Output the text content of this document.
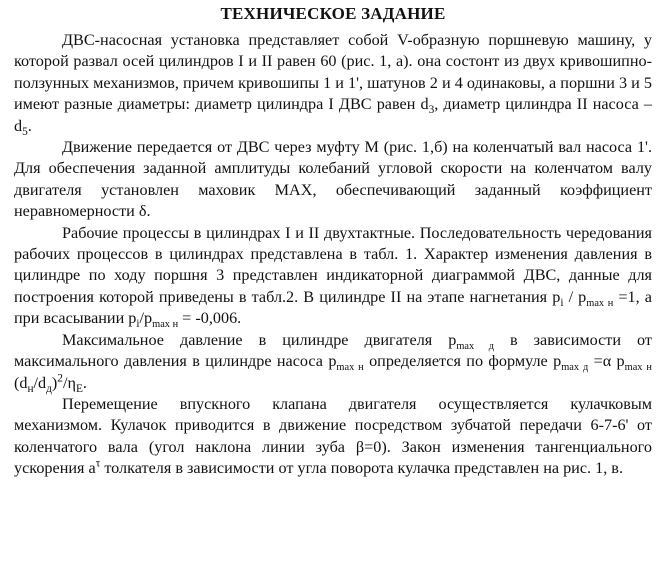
ТЕХНИЧЕСКОЕ ЗАДАНИЕ

ДВС-насосная установка представляет собой V-образную поршневую машину, у которой развал осей цилиндров I и II равен 60 (рис. 1, а). она состонт из двух кривошипно-ползунных механизмов, причем кривошипы 1 и 1', шатунов 2 и 4 одинаковы, а поршни 3 и 5 имеют разные диаметры: диаметр цилиндра I ДВС равен $d_3$, диаметр цилиндра II насоса – $d_5$.

Движение передается от ДВС через муфту М (рис. 1,б) на коленчатый вал насоса 1'. Для обеспечения заданной амплитуды колебаний угловой скорости на коленчатом валу двигателя установлен маховик МАХ, обеспечивающий заданный коэффициент неравномерности δ.

Рабочие процессы в цилиндрах I и II двухтактные. Последовательность чередования рабочих процессов в цилиндрах представлена в табл. 1. Характер изменения давления в цилиндре по ходу поршня 3 представлен индикаторной диаграммой ДВС, данные для построения которой приведены в табл.2. В цилиндре II на этапе нагнетания $p_i / p_{max н} =1$, а при всасывании $p_i/p_{max н} = -0,006$.

Максимальное давление в цилиндре двигателя $p_{max д}$ в зависимости от максимального давления в цилиндре насоса $p_{max н}$ определяется по формуле $p_{max д} =\alpha$ $p_{max н}$ $(d_н/d_д)^2/\eta_E$.

Перемещение впускного клапана двигателя осуществляется кулачковым механизмом. Кулачок приводится в движение посредством зубчатой передачи 6-7-6' от коленчатого вала (угол наклона линии зуба β=0). Закон изменения тангенциального ускорения $a^\tau$ толкателя в зависимости от угла поворота кулачка представлен на рис. 1, в.
